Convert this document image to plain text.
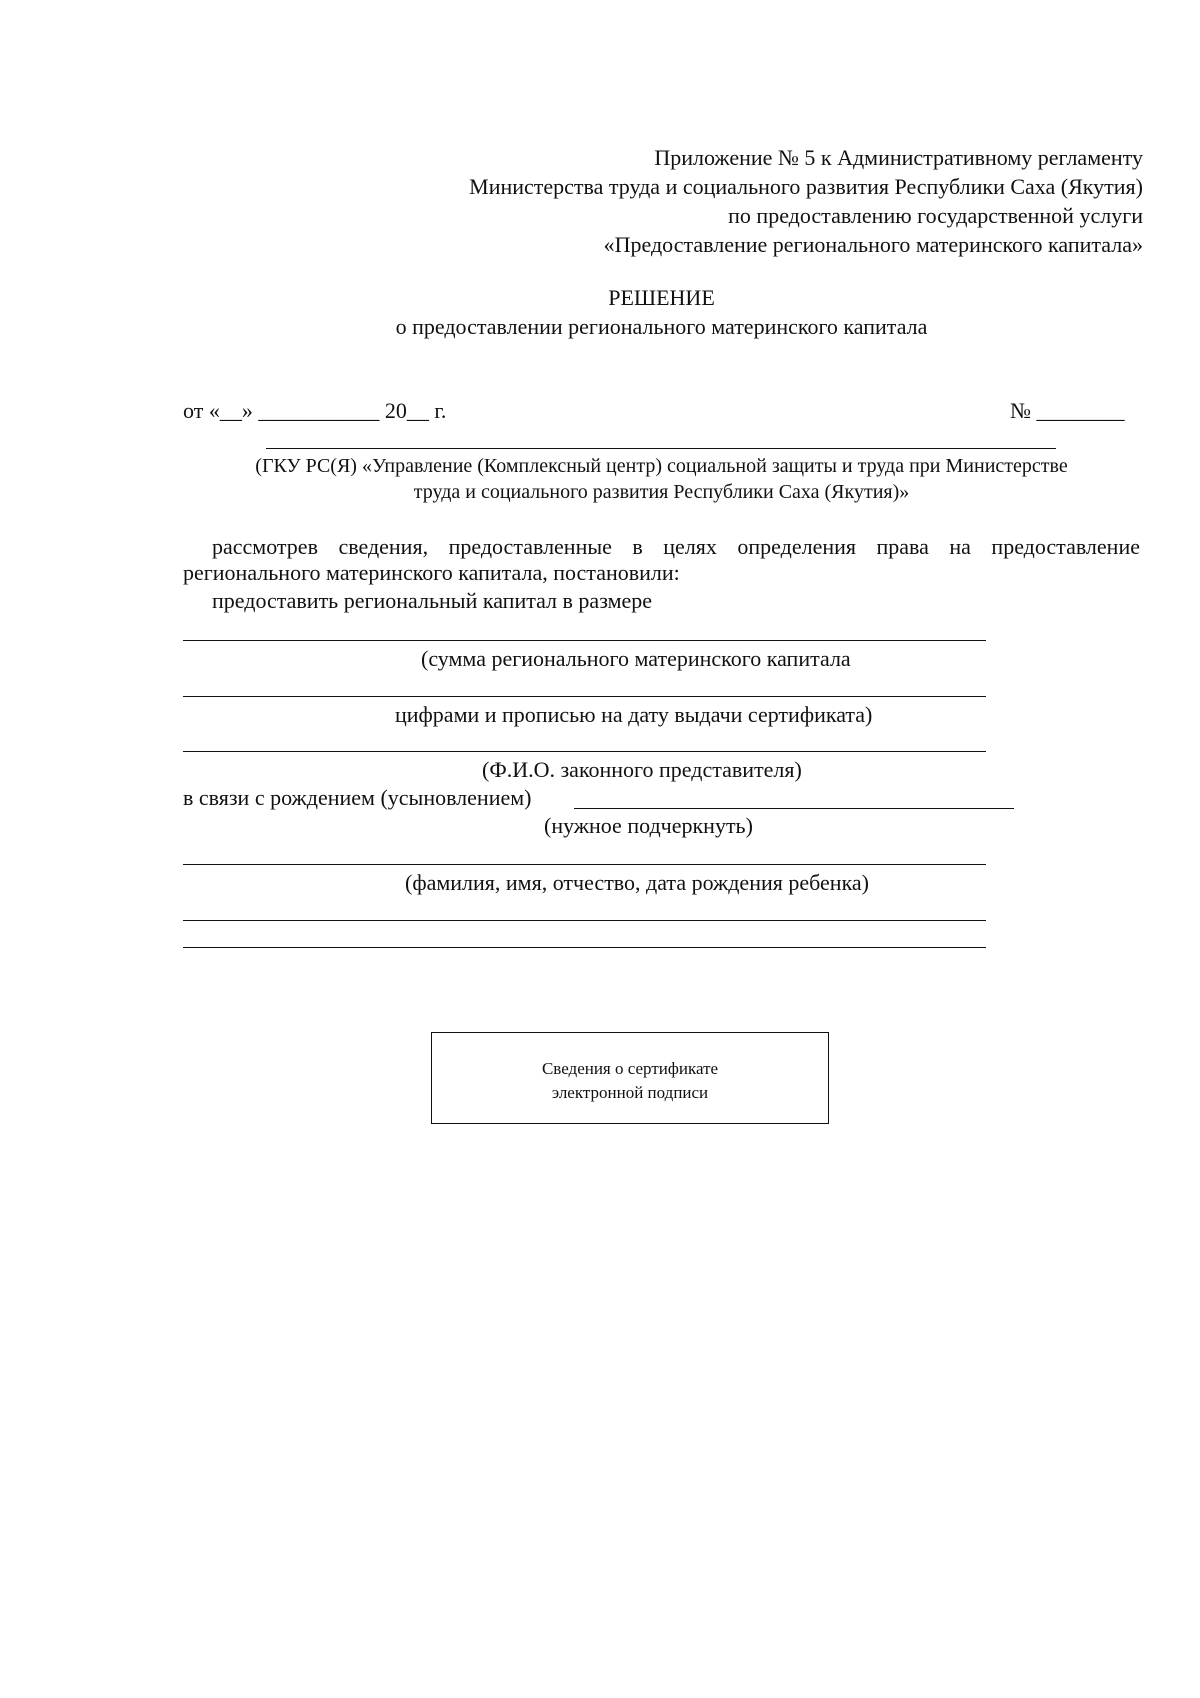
Приложение № 5 к Административному регламенту
Министерства труда и социального развития Республики Саха (Якутия)
по предоставлению государственной услуги
«Предоставление регионального материнского капитала»
РЕШЕНИЕ
о предоставлении регионального материнского капитала
от «__» ___________ 20__ г.	№ ________
(ГКУ РС(Я) «Управление (Комплексный центр) социальной защиты и труда при Министерстве
труда и социального развития Республики Саха (Якутия)»
рассмотрев сведения, предоставленные в целях определения права на предоставление
регионального материнского капитала, постановили:
предоставить региональный капитал в размере
(сумма регионального материнского капитала
цифрами и прописью на дату выдачи сертификата)
(Ф.И.О. законного представителя)
в связи с рождением (усыновлением)
(нужное подчеркнуть)
(фамилия, имя, отчество, дата рождения ребенка)
Сведения о сертификате
электронной подписи
